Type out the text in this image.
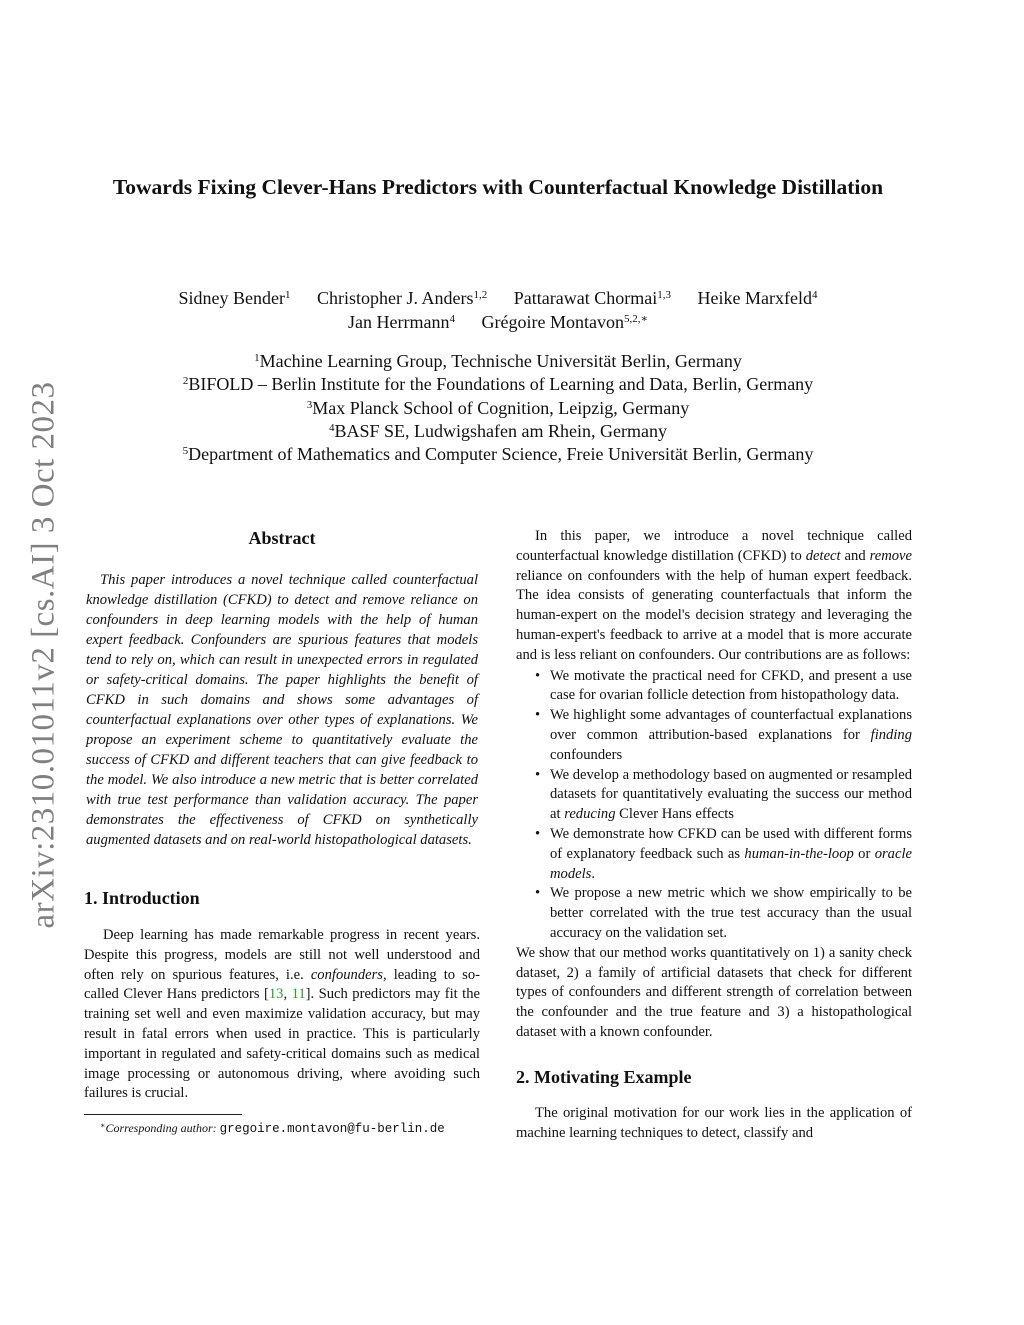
arXiv:2310.01011v2 [cs.AI] 3 Oct 2023
Towards Fixing Clever-Hans Predictors with Counterfactual Knowledge Distillation
Sidney Bender$^1$ Christopher J. Anders$^{1,2}$ Pattarawat Chormai$^{1,3}$ Heike Marxfeld$^4$
Jan Herrmann$^4$ Grégoire Montavon$^{5,2,∗}$
$^1$Machine Learning Group, Technische Universität Berlin, Germany
$^2$BIFOLD – Berlin Institute for the Foundations of Learning and Data, Berlin, Germany
$^3$Max Planck School of Cognition, Leipzig, Germany
$^4$BASF SE, Ludwigshafen am Rhein, Germany
$^5$Department of Mathematics and Computer Science, Freie Universität Berlin, Germany
Abstract
This paper introduces a novel technique called counterfactual knowledge distillation (CFKD) to detect and remove reliance on confounders in deep learning models with the help of human expert feedback. Confounders are spurious features that models tend to rely on, which can result in unexpected errors in regulated or safety-critical domains. The paper highlights the benefit of CFKD in such domains and shows some advantages of counterfactual explanations over other types of explanations. We propose an experiment scheme to quantitatively evaluate the success of CFKD and different teachers that can give feedback to the model. We also introduce a new metric that is better correlated with true test performance than validation accuracy. The paper demonstrates the effectiveness of CFKD on synthetically augmented datasets and on real-world histopathological datasets.
1. Introduction

Deep learning has made remarkable progress in recent years. Despite this progress, models are still not well understood and often rely on spurious features, i.e. confounders, leading to so-called Clever Hans predictors [13, 11]. Such predictors may fit the training set well and even maximize validation accuracy, but may result in fatal errors when used in practice. This is particularly important in regulated and safety-critical domains such as medical image processing or autonomous driving, where avoiding such failures is crucial.

∗Corresponding author: gregoire.montavon@fu-berlin.de

In this paper, we introduce a novel technique called counterfactual knowledge distillation (CFKD) to detect and remove reliance on confounders with the help of human expert feedback. The idea consists of generating counterfactuals that inform the human-expert on the model's decision strategy and leveraging the human-expert's feedback to arrive at a model that is more accurate and is less reliant on confounders. Our contributions are as follows:

• We motivate the practical need for CFKD, and present a use case for ovarian follicle detection from histopathology data.
• We highlight some advantages of counterfactual explanations over common attribution-based explanations for finding confounders
• We develop a methodology based on augmented or resampled datasets for quantitatively evaluating the success our method at reducing Clever Hans effects
• We demonstrate how CFKD can be used with different forms of explanatory feedback such as human-in-the-loop or oracle models.
• We propose a new metric which we show empirically to be better correlated with the true test accuracy than the usual accuracy on the validation set.

We show that our method works quantitatively on 1) a sanity check dataset, 2) a family of artificial datasets that check for different types of confounders and different strength of correlation between the confounder and the true feature and 3) a histopathological dataset with a known confounder.

2. Motivating Example

The original motivation for our work lies in the application of machine learning techniques to detect, classify and
